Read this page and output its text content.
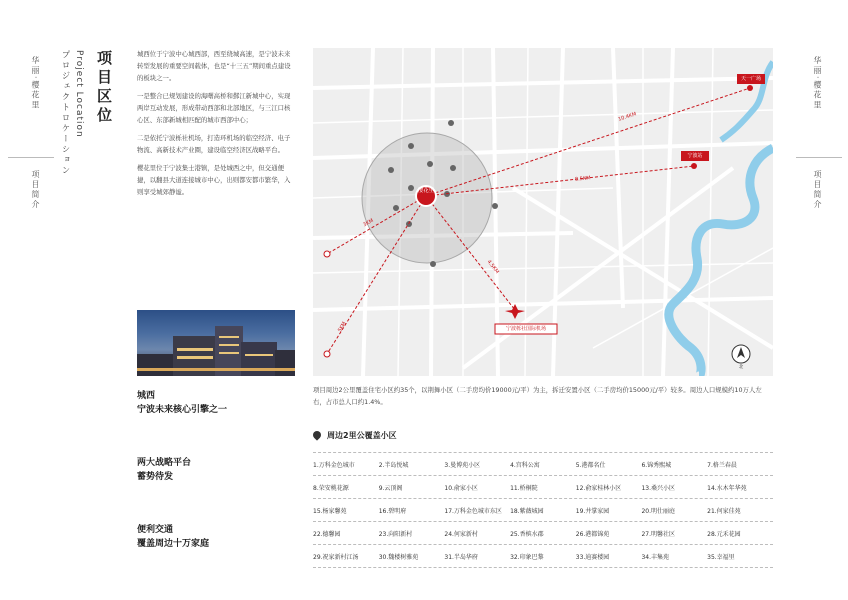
华丽·樱花里
项目简介
华丽·樱花里
项目简介
项目区位
Project Location
プロジェクトロケーション	城西位于宁波中心城西部，西至绕城高速，是宁波未来转型发展的重要空间载体，也是“十三五”期间重点建设的板块之一。

一是整合已规划建设的海曙高桥和鄞江新城中心，实现两岸互动发展，形成带动西部和北部地区，与三江口核心区、东部新城相匹配的城市西部中心；

二是依托宁波栎社机场，打造环机场的临空经济、电子物流、高新技术产业圈，建设临空经济区战略平台。

樱花里位于宁波集士港镇，是处城西之中，但交通便捷，以翻县大道连接城市中心，出则都安都市繁华，入则享受城郊静谧。

城西
宁波未来核心引擎之一
两大战略平台
蓄势待发
便利交通
覆盖周边十万家庭
樱花里
天一广场
宁波站
宁波栎社国际机场
10.4KM
8.5KM
4.5KM
3KM
5KM
北
项目周边2公里覆盖住宅小区约35个，以荆舞小区（二手房均价19000元/平）为主，拆迁安置小区（二手房均价15000元/平）较多。周边人口规模约10万人左右，占市总人口约1.4%。
周边2里公覆盖小区
1.万科金色城市	2.半岛悦城	3.曼博苑小区	4.宫科公寓	5.港都名仕	6.锦秀熙城	7.格兰春晨
8.荣安桃花源	9.云顶阁	10.俞家小区	11.桥桐院	12.俞家桂林小区	13.桑兴小区	14.水木年华苑
15.杨家馨苑	16.碧明府	17.万科金色城市东区	18.紫薇城园	19.井掌家园	20.明仕丽庭	21.何家佳苑
22.德馨园	23.向阳新村	24.何家新村	25.香槟水郡	26.港都锦苑	27.明馨社区	28.元禾花园
29.祝家新村江汤	30.魏楼树雅苑	31.半岛华府	32.印象巴黎	33.迪赛楼园	34.丰集苑	35.幸福里
